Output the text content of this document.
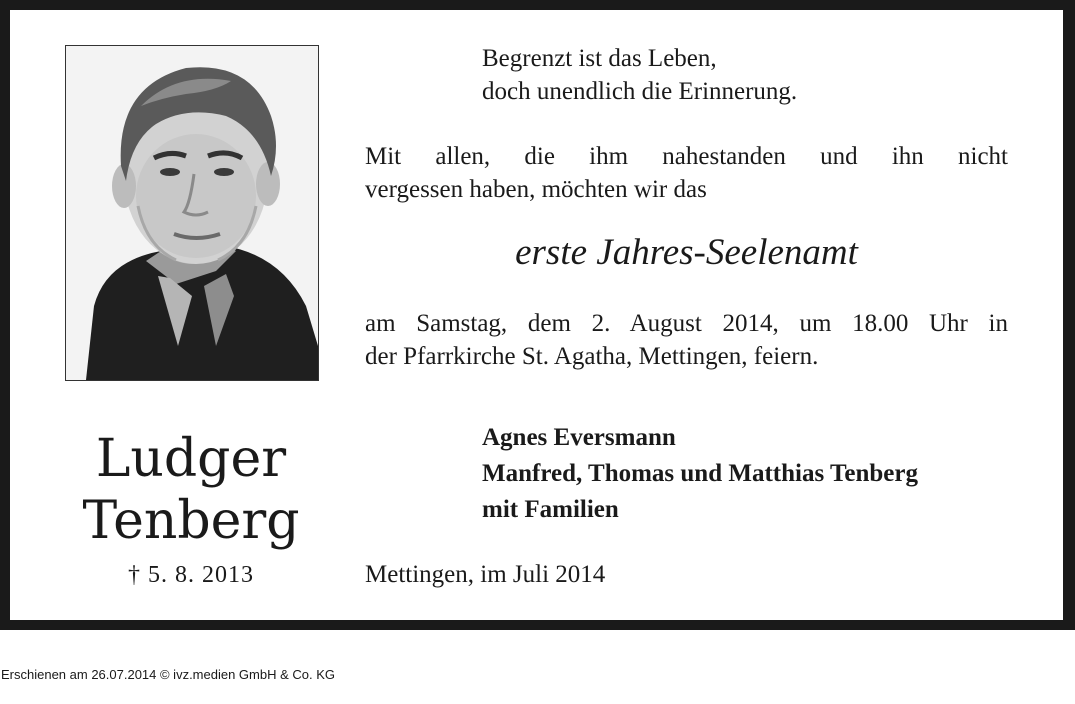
Ludger
Tenberg
† 5. 8. 2013
Begrenzt ist das Leben,
doch unendlich die Erinnerung.
Mit allen, die ihm nahestanden und ihn nicht
vergessen haben, möchten wir das
erste Jahres-Seelenamt
am Samstag, dem 2. August 2014, um 18.00 Uhr in
der Pfarrkirche St. Agatha, Mettingen, feiern.
Agnes Eversmann
Manfred, Thomas und Matthias Tenberg
mit Familien
Mettingen, im Juli 2014
Erschienen am 26.07.2014 © ivz.medien GmbH & Co. KG
